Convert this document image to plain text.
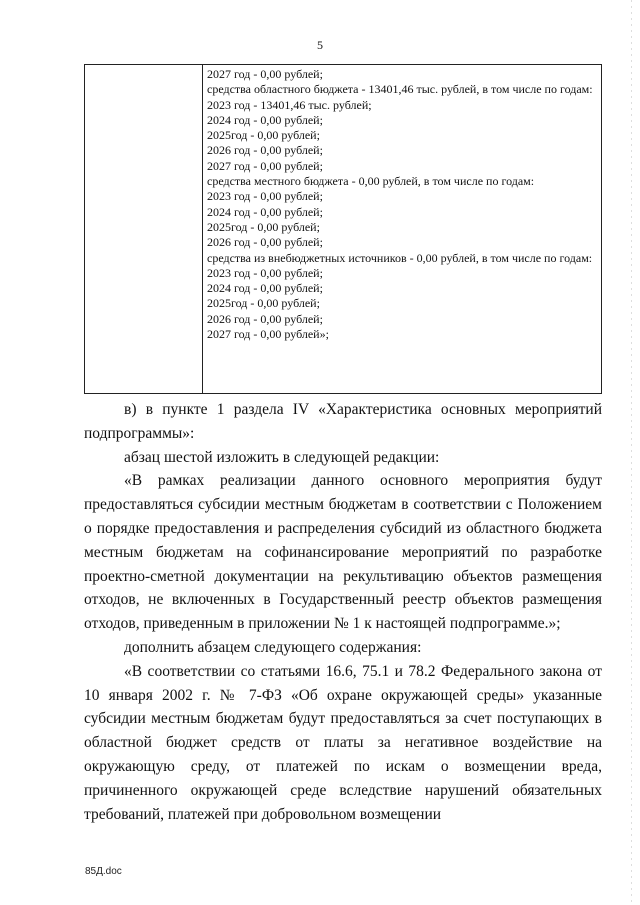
5
2027 год - 0,00 рублей;
средства областного бюджета - 13401,46 тыс. рублей, в том числе по годам:
2023 год - 13401,46 тыс. рублей;
2024 год - 0,00 рублей;
2025год - 0,00 рублей;
2026 год - 0,00 рублей;
2027 год - 0,00 рублей;
средства местного бюджета - 0,00 рублей, в том числе по годам:
2023 год - 0,00 рублей;
2024 год - 0,00 рублей;
2025год - 0,00 рублей;
2026 год - 0,00 рублей;
средства из внебюджетных источников - 0,00 рублей, в том числе по годам:
2023 год - 0,00 рублей;
2024 год - 0,00 рублей;
2025год - 0,00 рублей;
2026 год - 0,00 рублей;
2027 год - 0,00 рублей»;

в) в пункте 1 раздела IV «Характеристика основных мероприятий подпрограммы»:

абзац шестой изложить в следующей редакции:

«В рамках реализации данного основного мероприятия будут предоставляться субсидии местным бюджетам в соответствии с Положением о порядке предоставления и распределения субсидий из областного бюджета местным бюджетам на софинансирование мероприятий по разработке проектно-сметной документации на рекультивацию объектов размещения отходов, не включенных в Государственный реестр объектов размещения отходов, приведенным в приложении № 1 к настоящей подпрограмме.»;

дополнить абзацем следующего содержания:

«В соответствии со статьями 16.6, 75.1 и 78.2 Федерального закона от 10 января 2002 г. № 7-ФЗ «Об охране окружающей среды» указанные субсидии местным бюджетам будут предоставляться за счет поступающих в областной бюджет средств от платы за негативное воздействие на окружающую среду, от платежей по искам о возмещении вреда, причиненного окружающей среде вследствие нарушений обязательных требований, платежей при добровольном возмещении

85Д.doc
